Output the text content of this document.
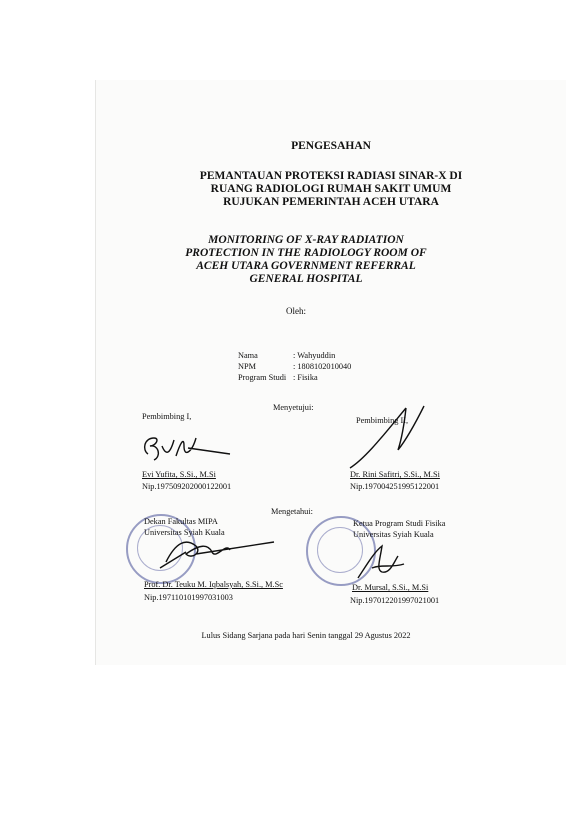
PENGESAHAN
PEMANTAUAN PROTEKSI RADIASI SINAR-X DI
RUANG RADIOLOGI RUMAH SAKIT UMUM
RUJUKAN PEMERINTAH ACEH UTARA
MONITORING OF X-RAY RADIATION
PROTECTION IN THE RADIOLOGY ROOM OF
ACEH UTARA GOVERNMENT REFERRAL
GENERAL HOSPITAL
Oleh:
Nama	: Wahyuddin
NPM	: 1808102010040
Program Studi : Fisika
Menyetujui:
Pembimbing I,
Evi Yufita, S.Si., M.Si
Nip.197509202000122001
Pembimbing II,
Dr. Rini Safitri, S.Si., M.Si
Nip.197004251995122001
Mengetahui:
Dekan Fakultas MIPA
Universitas Syiah Kuala
Prof. Dr. Teuku M. Iqbalsyah, S.Si., M.Sc
Nip.197110101997031003
Ketua Program Studi Fisika
Universitas Syiah Kuala
Dr. Mursal, S.Si., M.Si
Nip.197012201997021001
Lulus Sidang Sarjana pada hari Senin tanggal 29 Agustus 2022
